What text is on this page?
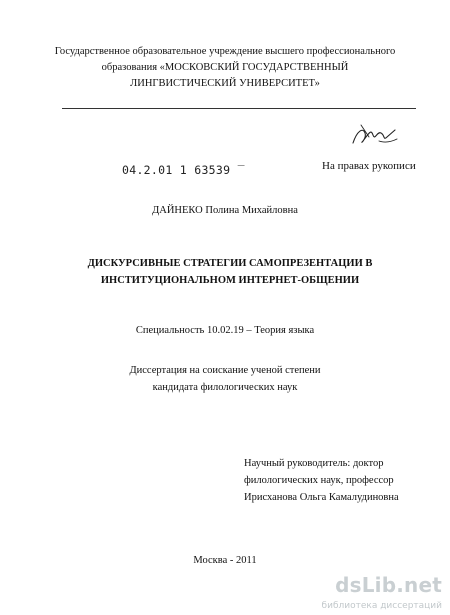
Государственное образовательное учреждение высшего профессионального
образования «МОСКОВСКИЙ ГОСУДАРСТВЕННЫЙ
ЛИНГВИСТИЧЕСКИЙ УНИВЕРСИТЕТ»
04.2.01 1 63539 ‾	На правах рукописи
ДАЙНЕКО Полина Михайловна
ДИСКУРСИВНЫЕ СТРАТЕГИИ САМОПРЕЗЕНТАЦИИ В
ИНСТИТУЦИОНАЛЬНОМ ИНТЕРНЕТ-ОБЩЕНИИ
Специальность 10.02.19 – Теория языка
Диссертация на соискание ученой степени
кандидата филологических наук
Научный руководитель: доктор
филологических наук, профессор
Ирисханова Ольга Камалудиновна
Москва - 2011
dsLib.net
библиотека диссертаций
